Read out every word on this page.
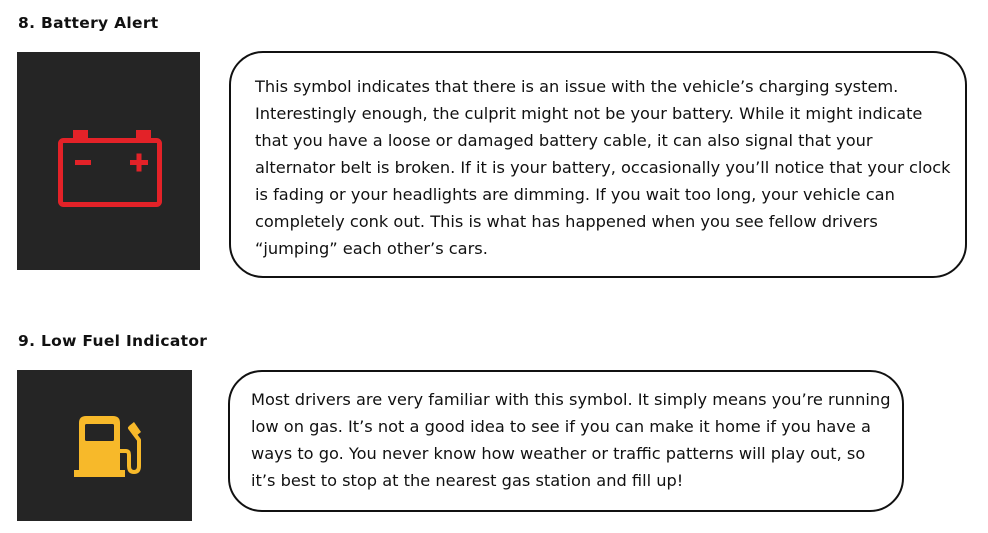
8. Battery Alert

This symbol indicates that there is an issue with the vehicle’s charging system. Interestingly enough, the culprit might not be your battery. While it might indicate that you have a loose or damaged battery cable, it can also signal that your alternator belt is broken. If it is your battery, occasionally you’ll notice that your clock is fading or your headlights are dimming. If you wait too long, your vehicle can completely conk out. This is what has happened when you see fellow drivers “jumping” each other’s cars.

9. Low Fuel Indicator

Most drivers are very familiar with this symbol. It simply means you’re running low on gas. It’s not a good idea to see if you can make it home if you have a ways to go. You never know how weather or traffic patterns will play out, so it’s best to stop at the nearest gas station and fill up!
